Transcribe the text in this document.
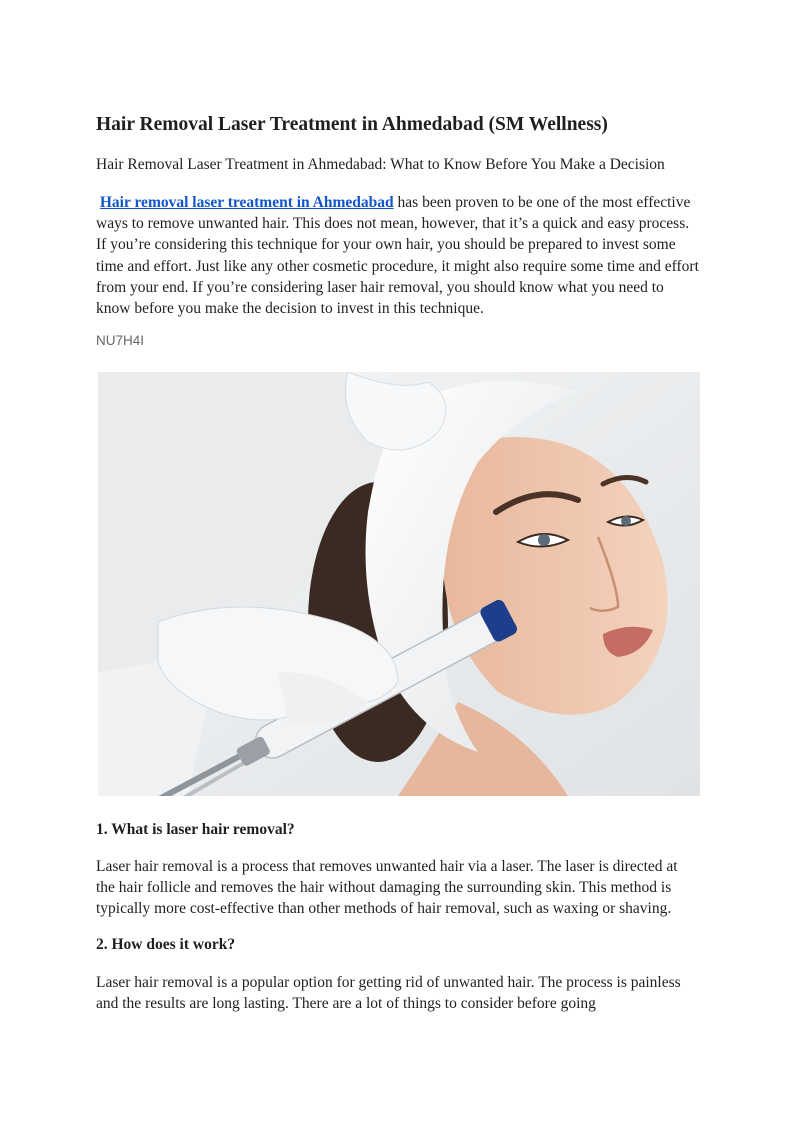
Hair Removal Laser Treatment in Ahmedabad (SM Wellness)

Hair Removal Laser Treatment in Ahmedabad: What to Know Before You Make a Decision

Hair removal laser treatment in Ahmedabad has been proven to be one of the most effective ways to remove unwanted hair. This does not mean, however, that it’s a quick and easy process. If you’re considering this technique for your own hair, you should be prepared to invest some time and effort. Just like any other cosmetic procedure, it might also require some time and effort from your end. If you’re considering laser hair removal, you should know what you need to know before you make the decision to invest in this technique.

NU7H4I

1. What is laser hair removal?

Laser hair removal is a process that removes unwanted hair via a laser. The laser is directed at the hair follicle and removes the hair without damaging the surrounding skin. This method is typically more cost-effective than other methods of hair removal, such as waxing or shaving.

2. How does it work?

Laser hair removal is a popular option for getting rid of unwanted hair. The process is painless and the results are long lasting. There are a lot of things to consider before going
